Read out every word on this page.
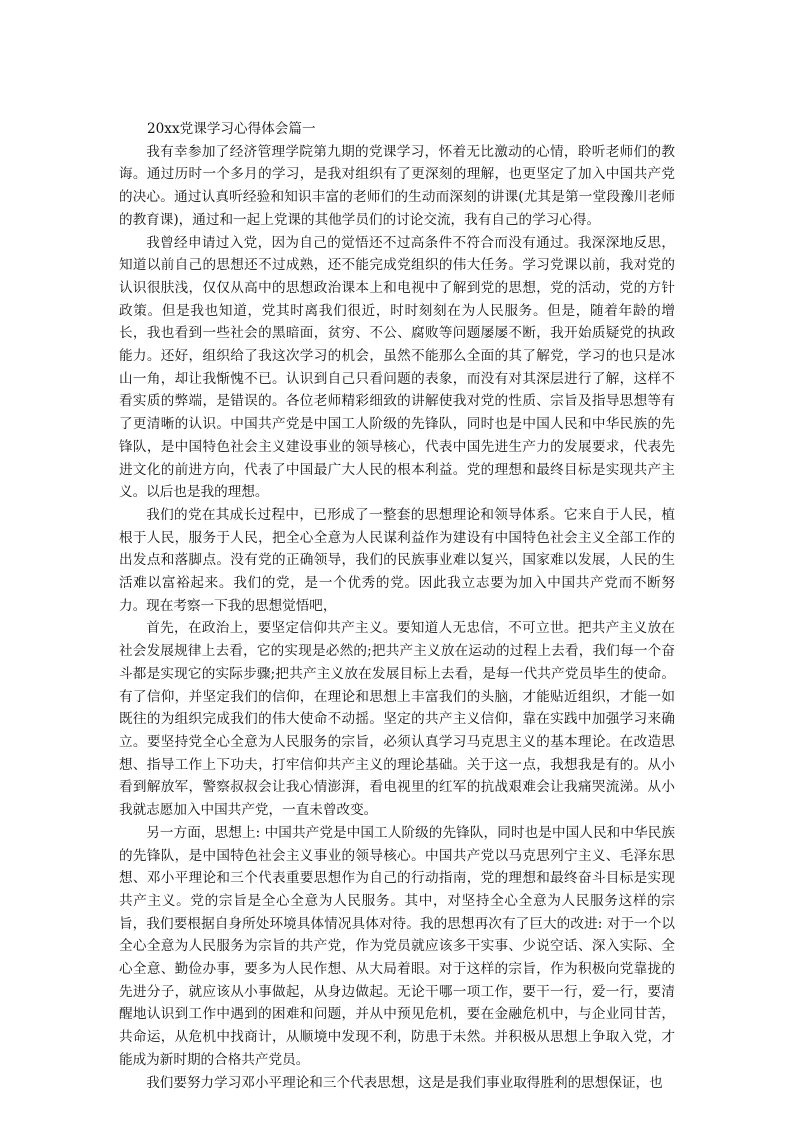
20xx党课学习心得体会篇一

我有幸参加了经济管理学院第九期的党课学习，怀着无比激动的心情，聆听老师们的教诲。通过历时一个多月的学习，是我对组织有了更深刻的理解，也更坚定了加入中国共产党的决心。通过认真听经验和知识丰富的老师们的生动而深刻的讲课(尤其是第一堂段豫川老师的教育课)，通过和一起上党课的其他学员们的讨论交流，我有自己的学习心得。

我曾经申请过入党，因为自己的觉悟还不过高条件不符合而没有通过。我深深地反思，知道以前自己的思想还不过成熟，还不能完成党组织的伟大任务。学习党课以前，我对党的认识很肤浅，仅仅从高中的思想政治课本上和电视中了解到党的思想，党的活动，党的方针政策。但是我也知道，党其时离我们很近，时时刻刻在为人民服务。但是，随着年龄的增长，我也看到一些社会的黑暗面，贫穷、不公、腐败等问题屡屡不断，我开始质疑党的执政能力。还好，组织给了我这次学习的机会，虽然不能那么全面的其了解党，学习的也只是冰山一角，却让我惭愧不已。认识到自己只看问题的表象，而没有对其深层进行了解，这样不看实质的弊端，是错误的。各位老师精彩细致的讲解使我对党的性质、宗旨及指导思想等有了更清晰的认识。中国共产党是中国工人阶级的先锋队，同时也是中国人民和中华民族的先锋队，是中国特色社会主义建设事业的领导核心，代表中国先进生产力的发展要求，代表先进文化的前进方向，代表了中国最广大人民的根本利益。党的理想和最终目标是实现共产主义。以后也是我的理想。

我们的党在其成长过程中，已形成了一整套的思想理论和领导体系。它来自于人民，植根于人民，服务于人民，把全心全意为人民谋利益作为建设有中国特色社会主义全部工作的出发点和落脚点。没有党的正确领导，我们的民族事业难以复兴，国家难以发展，人民的生活难以富裕起来。我们的党，是一个优秀的党。因此我立志要为加入中国共产党而不断努力。现在考察一下我的思想觉悟吧，

首先，在政治上，要坚定信仰共产主义。要知道人无忠信，不可立世。把共产主义放在社会发展规律上去看，它的实现是必然的;把共产主义放在运动的过程上去看，我们每一个奋斗都是实现它的实际步骤;把共产主义放在发展目标上去看，是每一代共产党员毕生的使命。有了信仰，并坚定我们的信仰，在理论和思想上丰富我们的头脑，才能贴近组织，才能一如既往的为组织完成我们的伟大使命不动摇。坚定的共产主义信仰，靠在实践中加强学习来确立。要坚持党全心全意为人民服务的宗旨，必须认真学习马克思主义的基本理论。在改造思想、指导工作上下功夫，打牢信仰共产主义的理论基础。关于这一点，我想我是有的。从小看到解放军，警察叔叔会让我心情澎湃，看电视里的红军的抗战艰难会让我痛哭流涕。从小我就志愿加入中国共产党，一直未曾改变。

另一方面，思想上: 中国共产党是中国工人阶级的先锋队，同时也是中国人民和中华民族的先锋队，是中国特色社会主义事业的领导核心。中国共产党以马克思列宁主义、毛泽东思想、邓小平理论和三个代表重要思想作为自己的行动指南，党的理想和最终奋斗目标是实现共产主义。党的宗旨是全心全意为人民服务。其中，对坚持全心全意为人民服务这样的宗旨，我们要根据自身所处环境具体情况具体对待。我的思想再次有了巨大的改进: 对于一个以全心全意为人民服务为宗旨的共产党，作为党员就应该多干实事、少说空话、深入实际、全心全意、勤俭办事，要多为人民作想、从大局着眼。对于这样的宗旨，作为积极向党靠拢的先进分子，就应该从小事做起，从身边做起。无论干哪一项工作，要干一行，爱一行，要清醒地认识到工作中遇到的困难和问题，并从中预见危机，要在金融危机中，与企业同甘苦，共命运，从危机中找商计，从顺境中发现不利，防患于未然。并积极从思想上争取入党，才能成为新时期的合格共产党员。

我们要努力学习邓小平理论和三个代表思想，这是是我们事业取得胜利的思想保证，也
